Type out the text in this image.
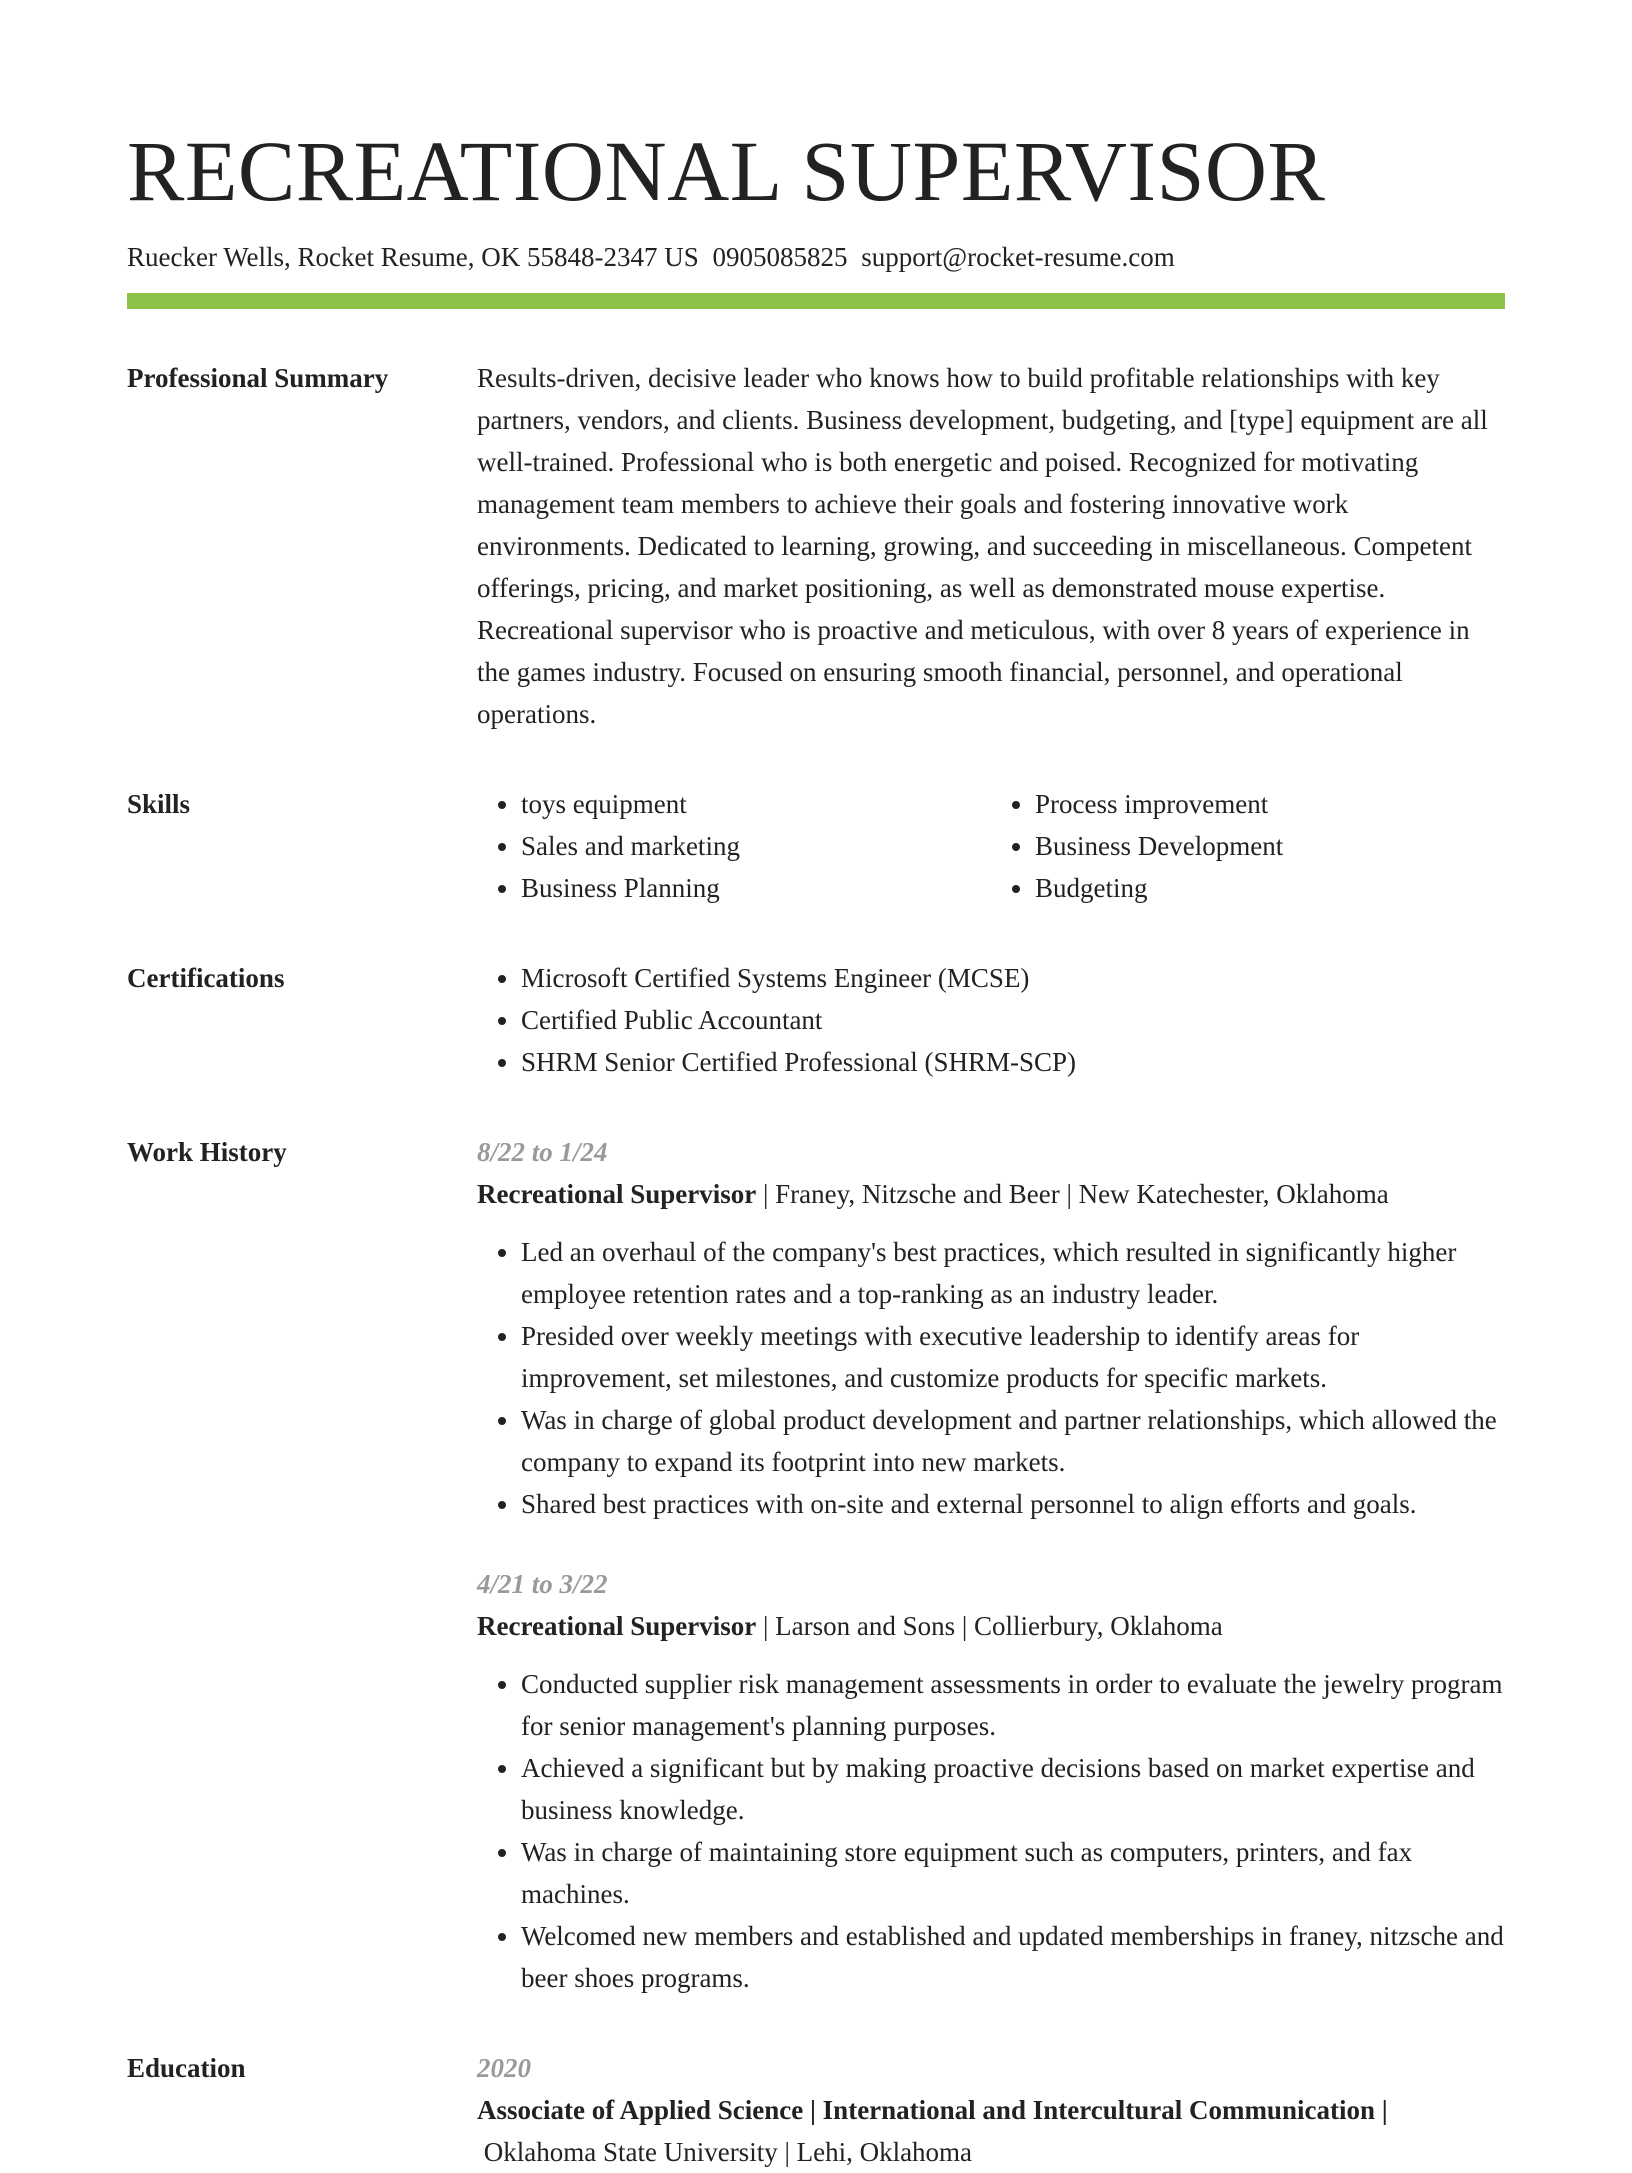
RECREATIONAL SUPERVISOR
Ruecker Wells, Rocket Resume, OK 55848-2347 US 0905085825 support@rocket-resume.com
Professional Summary	Results-driven, decisive leader who knows how to build profitable relationships with key partners, vendors, and clients. Business development, budgeting, and [type] equipment are all well-trained. Professional who is both energetic and poised. Recognized for motivating management team members to achieve their goals and fostering innovative work environments. Dedicated to learning, growing, and succeeding in miscellaneous. Competent offerings, pricing, and market positioning, as well as demonstrated mouse expertise. Recreational supervisor who is proactive and meticulous, with over 8 years of experience in the games industry. Focused on ensuring smooth financial, personnel, and operational operations.

Skills	• toys equipment
• Sales and marketing
• Business Planning
• Process improvement
• Business Development
• Budgeting
Certifications	• Microsoft Certified Systems Engineer (MCSE)
• Certified Public Accountant
• SHRM Senior Certified Professional (SHRM-SCP)
Work History	8/22 to 1/24
Recreational Supervisor | Franey, Nitzsche and Beer | New Katechester, Oklahoma
• Led an overhaul of the company's best practices, which resulted in significantly higher employee retention rates and a top-ranking as an industry leader.
• Presided over weekly meetings with executive leadership to identify areas for improvement, set milestones, and customize products for specific markets.
• Was in charge of global product development and partner relationships, which allowed the company to expand its footprint into new markets.
• Shared best practices with on-site and external personnel to align efforts and goals.
4/21 to 3/22
Recreational Supervisor | Larson and Sons | Collierbury, Oklahoma
• Conducted supplier risk management assessments in order to evaluate the jewelry program for senior management's planning purposes.
• Achieved a significant but by making proactive decisions based on market expertise and business knowledge.
• Was in charge of maintaining store equipment such as computers, printers, and fax machines.
• Welcomed new members and established and updated memberships in franey, nitzsche and beer shoes programs.
Education	2020
Associate of Applied Science | International and Intercultural Communication |
Oklahoma State University | Lehi, Oklahoma
